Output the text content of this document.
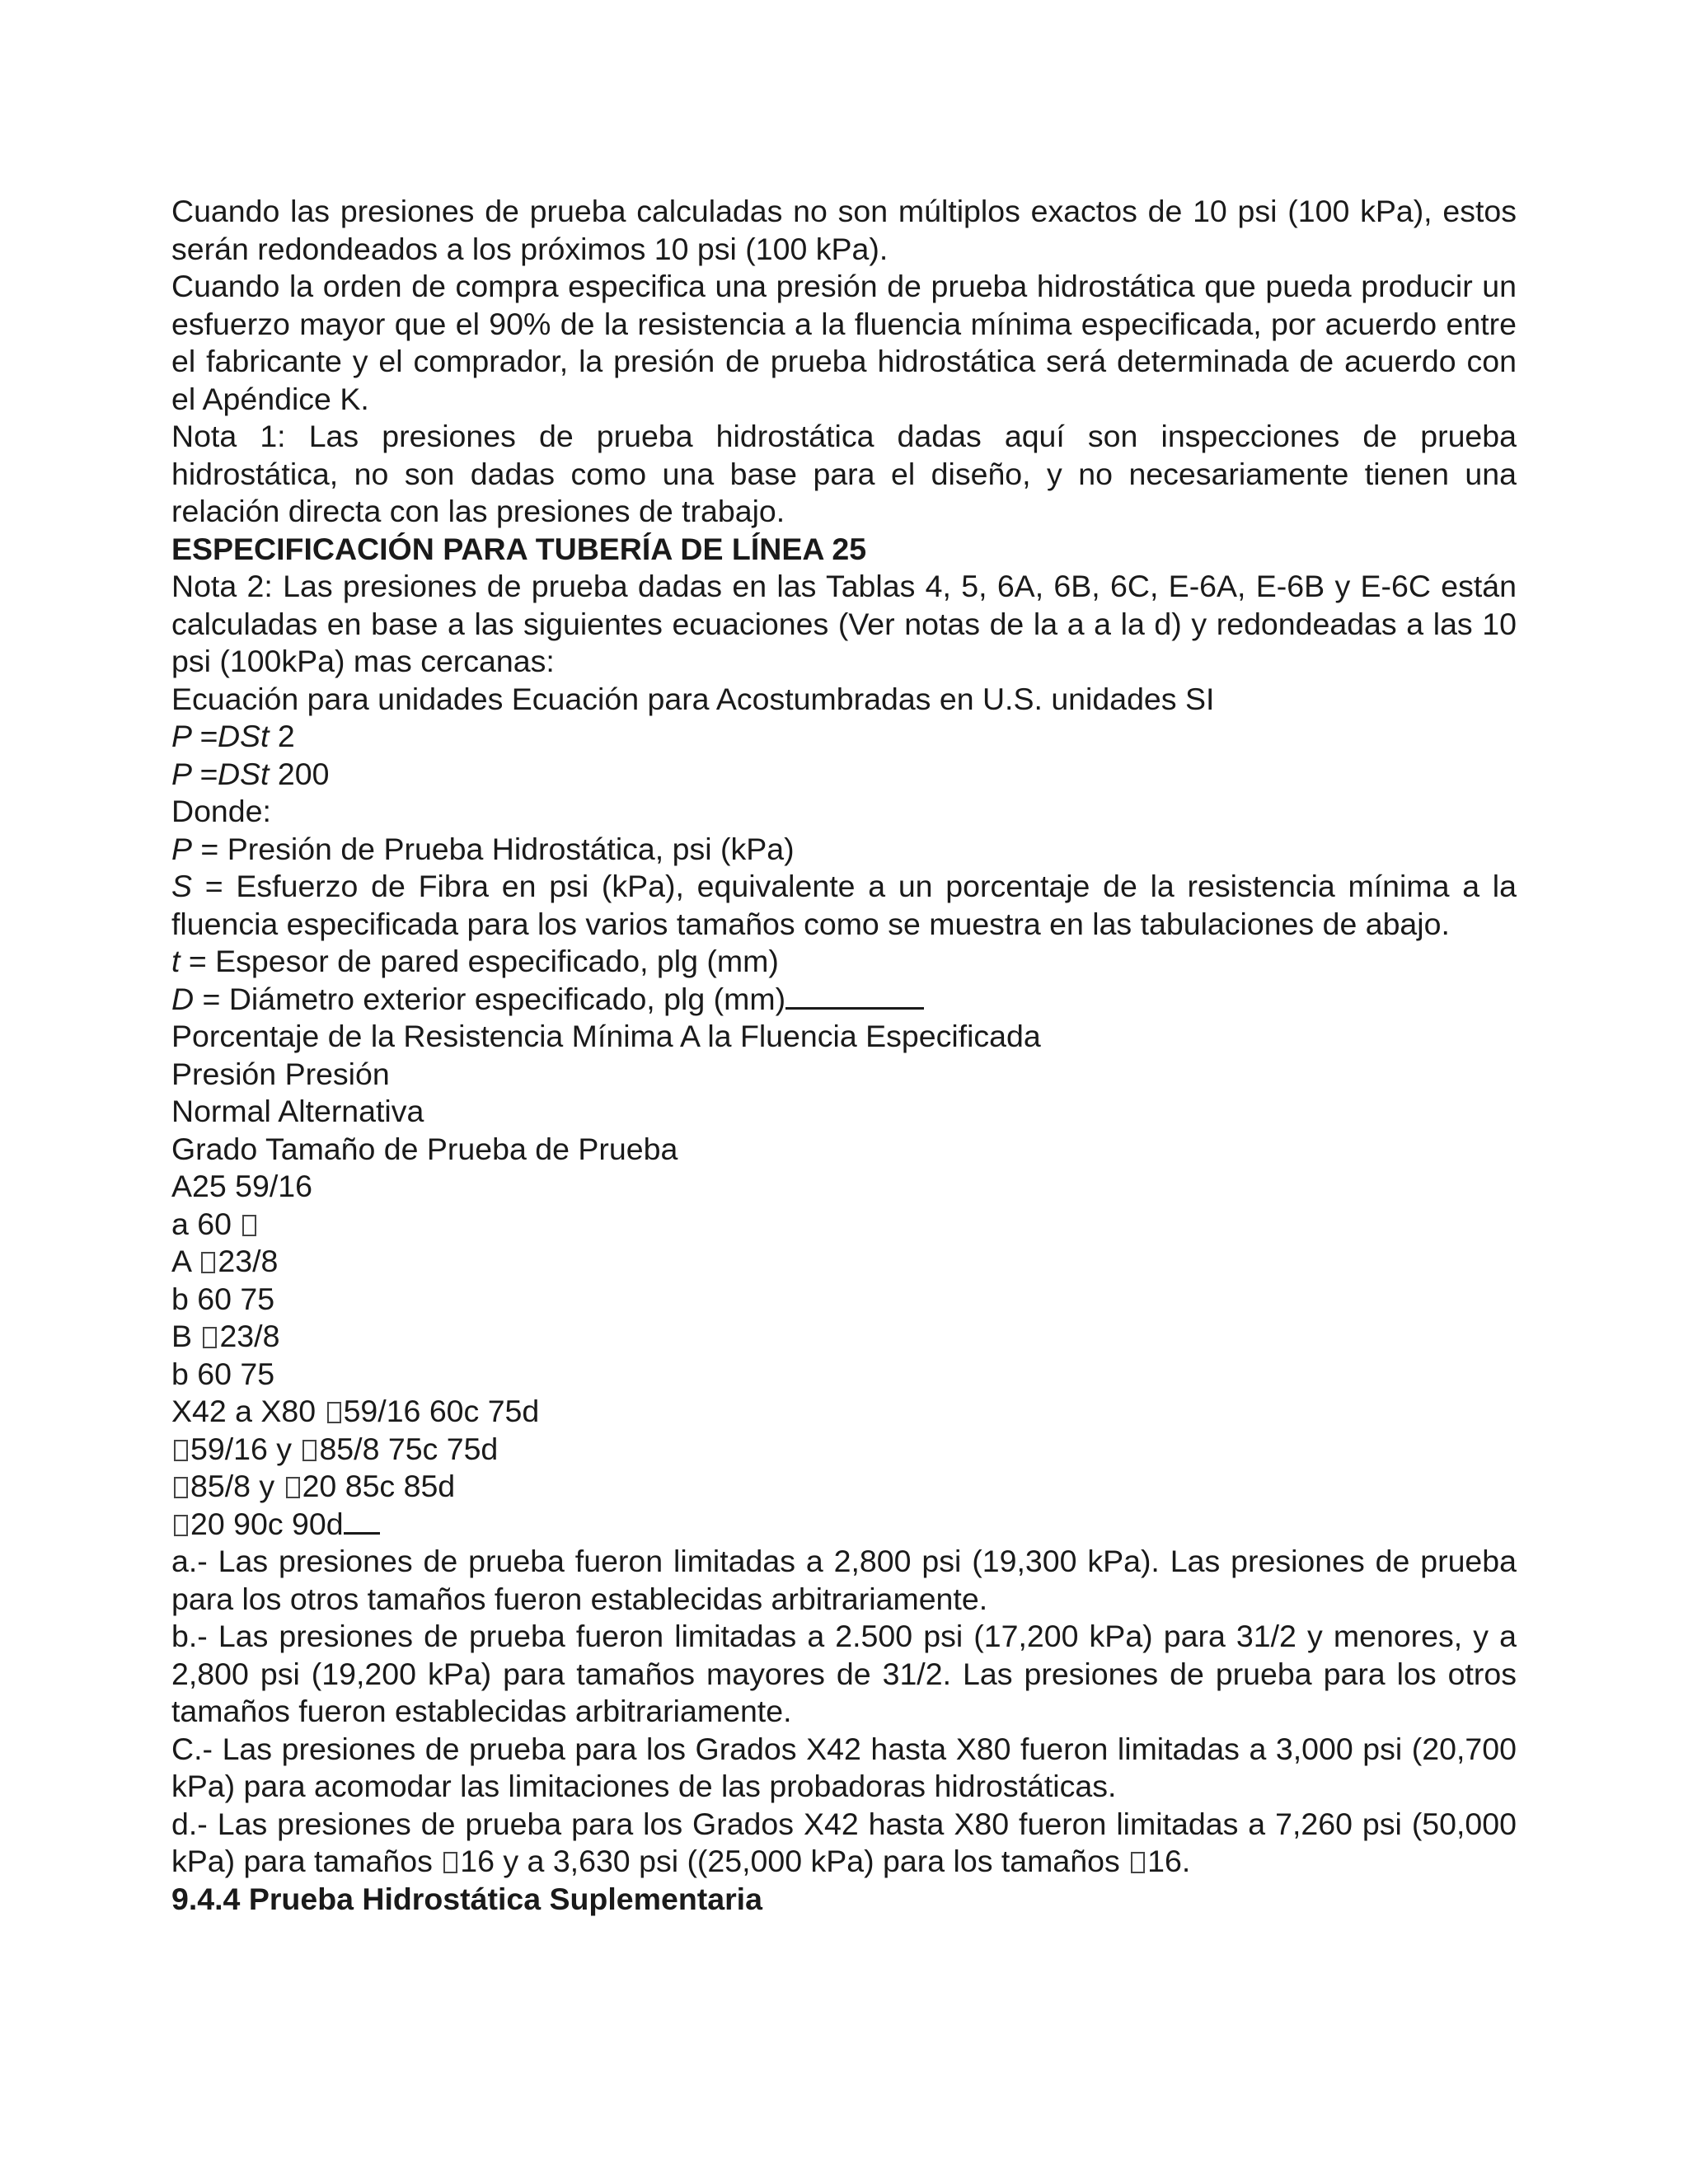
Cuando las presiones de prueba calculadas no son múltiplos exactos de 10 psi (100 kPa), estos serán redondeados a los próximos 10 psi (100 kPa).

Cuando la orden de compra especifica una presión de prueba hidrostática que pueda producir un esfuerzo mayor que el 90% de la resistencia a la fluencia mínima especificada, por acuerdo entre el fabricante y el comprador, la presión de prueba hidrostática será determinada de acuerdo con el Apéndice K.

Nota 1: Las presiones de prueba hidrostática dadas aquí son inspecciones de prueba hidrostática, no son dadas como una base para el diseño, y no necesariamente tienen una relación directa con las presiones de trabajo.

ESPECIFICACIÓN PARA TUBERÍA DE LÍNEA 25

Nota 2: Las presiones de prueba dadas en las Tablas 4, 5, 6A, 6B, 6C, E-6A, E-6B y E-6C están calculadas en base a las siguientes ecuaciones (Ver notas de la a a la d) y redondeadas a las 10 psi (100kPa) mas cercanas:

Ecuación para unidades Ecuación para Acostumbradas en U.S. unidades SI

P =DSt 2

P =DSt 200

Donde:

P = Presión de Prueba Hidrostática, psi (kPa)

S = Esfuerzo de Fibra en psi (kPa), equivalente a un porcentaje de la resistencia mínima a la fluencia especificada para los varios tamaños como se muestra en las tabulaciones de abajo.

t = Espesor de pared especificado, plg (mm)

D = Diámetro exterior especificado, plg (mm)

Porcentaje de la Resistencia Mínima A la Fluencia Especificada

Presión Presión

Normal Alternativa

Grado Tamaño de Prueba de Prueba

A25 59/16

a 60

A 23/8

b 60 75

B 23/8

b 60 75

X42 a X80 59/16 60c 75d

59/16 y 85/8 75c 75d

85/8 y 20 85c 85d

20 90c 90d

a.- Las presiones de prueba fueron limitadas a 2,800 psi (19,300 kPa). Las presiones de prueba para los otros tamaños fueron establecidas arbitrariamente.

b.- Las presiones de prueba fueron limitadas a 2.500 psi (17,200 kPa) para 31/2 y menores, y a 2,800 psi (19,200 kPa) para tamaños mayores de 31/2. Las presiones de prueba para los otros tamaños fueron establecidas arbitrariamente.

C.- Las presiones de prueba para los Grados X42 hasta X80 fueron limitadas a 3,000 psi (20,700 kPa) para acomodar las limitaciones de las probadoras hidrostáticas.

d.- Las presiones de prueba para los Grados X42 hasta X80 fueron limitadas a 7,260 psi (50,000 kPa) para tamaños 16 y a 3,630 psi ((25,000 kPa) para los tamaños 16.

9.4.4 Prueba Hidrostática Suplementaria
